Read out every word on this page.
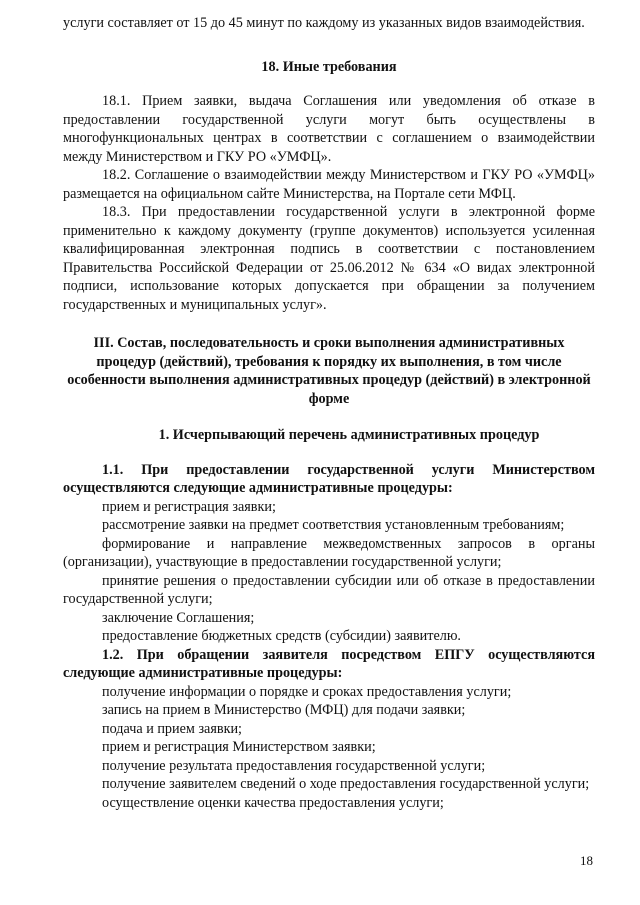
услуги составляет от 15 до 45 минут по каждому из указанных видов взаимодействия.

18. Иные требования

18.1. Прием заявки, выдача Соглашения или уведомления об отказе в предоставлении государственной услуги могут быть осуществлены в многофункциональных центрах в соответствии с соглашением о взаимодействии между Министерством и ГКУ РО «УМФЦ».

18.2. Соглашение о взаимодействии между Министерством и ГКУ РО «УМФЦ» размещается на официальном сайте Министерства, на Портале сети МФЦ.

18.3. При предоставлении государственной услуги в электронной форме применительно к каждому документу (группе документов) используется усиленная квалифицированная электронная подпись в соответствии с постановлением Правительства Российской Федерации от 25.06.2012 № 634 «О видах электронной подписи, использование которых допускается при обращении за получением государственных и муниципальных услуг».

III. Состав, последовательность и сроки выполнения административных процедур (действий), требования к порядку их выполнения, в том числе особенности выполнения административных процедур (действий) в электронной форме

1. Исчерпывающий перечень административных процедур

1.1. При предоставлении государственной услуги Министерством осуществляются следующие административные процедуры:

прием и регистрация заявки;

рассмотрение заявки на предмет соответствия установленным требованиям;

формирование и направление межведомственных запросов в органы (организации), участвующие в предоставлении государственной услуги;

принятие решения о предоставлении субсидии или об отказе в предоставлении государственной услуги;

заключение Соглашения;

предоставление бюджетных средств (субсидии) заявителю.

1.2. При обращении заявителя посредством ЕПГУ осуществляются следующие административные процедуры:

получение информации о порядке и сроках предоставления услуги;

запись на прием в Министерство (МФЦ) для подачи заявки;

подача и прием заявки;

прием и регистрация Министерством заявки;

получение результата предоставления государственной услуги;

получение заявителем сведений о ходе предоставления государственной услуги;

осуществление оценки качества предоставления услуги;

18
